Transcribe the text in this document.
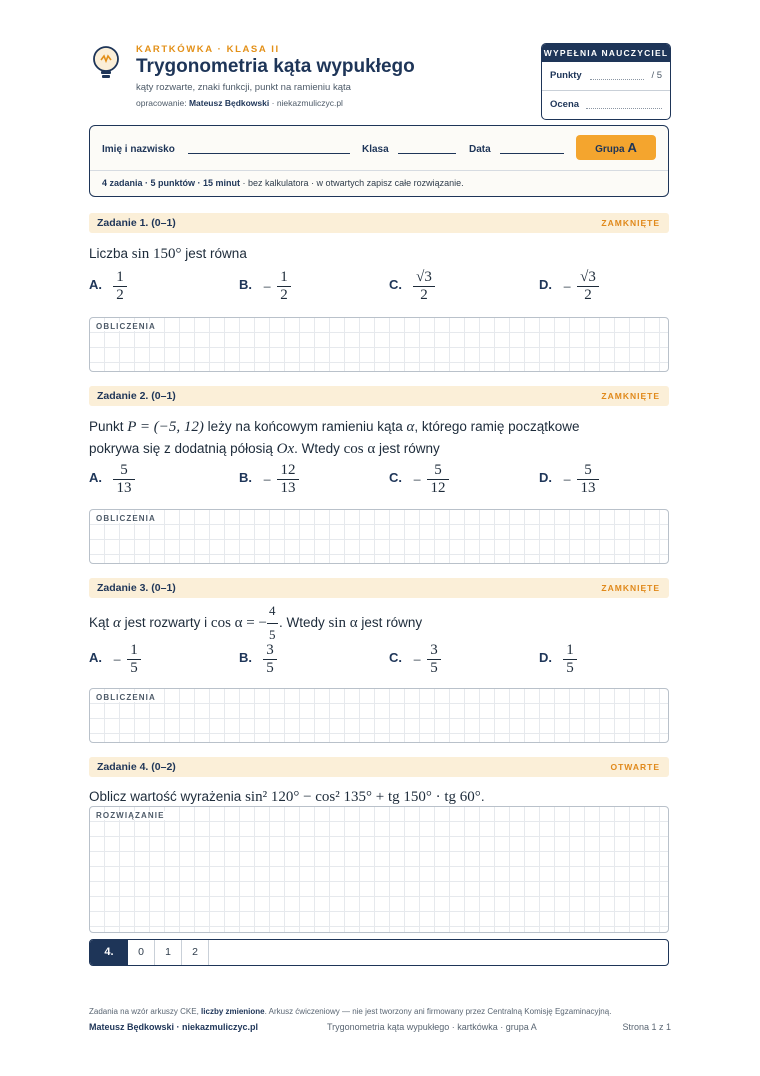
KARTKÓWKA · KLASA II
Trygonometria kąta wypukłego
kąty rozwarte, znaki funkcji, punkt na ramieniu kąta
opracowanie: Mateusz Będkowski · niekazmuliczyc.pl
WYPEŁNIA NAUCZYCIEL
Punkty	/ 5
Ocena
Imię i nazwisko	Klasa	Data	Grupa A
4 zadania · 5 punktów · 15 minut · bez kalkulatora · w otwartych zapisz całe rozwiązanie.
Zadanie 1. (0–1)	ZAMKNIĘTE
Liczba sin 150° jest równa
A. 1
2
B. −
1
2
C. √3
2
D. −
√3
2
OBLICZENIA
Zadanie 2. (0–1)	ZAMKNIĘTE
Punkt P = (−5, 12) leży na końcowym ramieniu kąta α, którego ramię początkowe
pokrywa się z dodatnią półosią Ox. Wtedy cos α jest równy
A.	5
13
B. −
12
13
C. −
5
12
D. −
5
13
OBLICZENIA
Zadanie 3. (0–1)	ZAMKNIĘTE
Kąt α jest rozwarty i cos α = − $\frac{4}{5}$ . Wtedy sin α jest równy
A. −
1
5
B. 3
5
C. −
3
5
D. 1
5
OBLICZENIA
Zadanie 4. (0–2)	OTWARTE
Oblicz wartość wyrażenia sin² 120° − cos² 135° + tg 150° · tg 60°.
ROZWIĄZANIE
4.	0	1	2
Zadania na wzór arkuszy CKE, liczby zmienione. Arkusz ćwiczeniowy — nie jest tworzony ani firmowany przez Centralną Komisję Egzaminacyjną.
Mateusz Będkowski · niekazmuliczyc.pl	Trygonometria kąta wypukłego · kartkówka · grupa A	Strona 1 z 1
